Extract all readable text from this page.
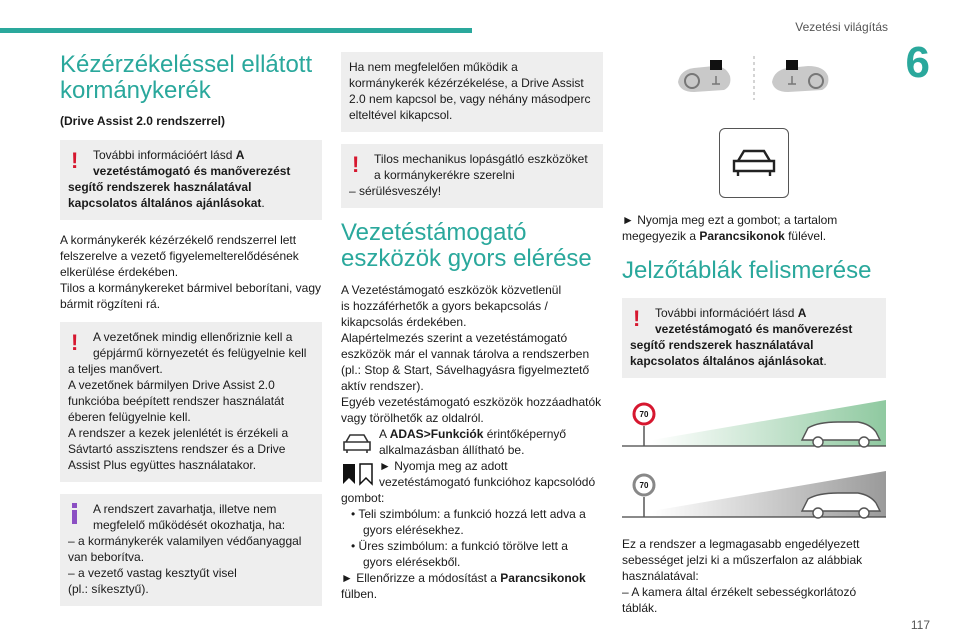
Vezetési világítás
6
117
Kézérzékeléssel ellátott kormánykerék
(Drive Assist 2.0 rendszerrel)
!	További információért lásd A
vezetéstámogató és manőverezést
segítő rendszerek használatával
kapcsolatos általános ajánlásokat.
A kormánykerék kézérzékelő rendszerrel lett
felszerelve a vezető figyelemelterelődésének
elkerülése érdekében.
Tilos a kormánykereket bármivel beborítani, vagy
bármit rögzíteni rá.
!	A vezetőnek mindig ellenőriznie kell a
gépjármű környezetét és felügyelnie kell
a teljes manővert.
A vezetőnek bármilyen Drive Assist 2.0
funkcióba beépített rendszer használatát
éberen felügyelnie kell.
A rendszer a kezek jelenlétét is érzékeli a
Sávtartó asszisztens rendszer és a Drive
Assist Plus együttes használatakor.
A rendszert zavarhatja, illetve nem
megfelelő működését okozhatja, ha:
– a kormánykerék valamilyen védőanyaggal
van beborítva.
– a vezető vastag kesztyűt visel
(pl.: síkesztyű).
Ha nem megfelelően működik a
kormánykerék kézérzékelése, a Drive Assist
2.0 nem kapcsol be, vagy néhány másodperc
elteltével kikapcsol.
!	Tilos mechanikus lopásgátló eszközöket
a kormánykerékre szerelni
– sérülésveszély!
Vezetéstámogató eszközök gyors elérése
A Vezetéstámogató eszközök közvetlenül
is hozzáférhetők a gyors bekapcsolás /
kikapcsolás érdekében.
Alapértelmezés szerint a vezetéstámogató
eszközök már el vannak tárolva a rendszerben
(pl.: Stop & Start, Sávelhagyásra figyelmeztető
aktív rendszer).
Egyéb vezetéstámogató eszközök hozzáadhatók
vagy törölhetők az oldalról.
A ADAS>Funkciók érintőképernyő
alkalmazásban állítható be.
► Nyomja meg az adott
vezetéstámogató funkcióhoz kapcsolódó
gombot:
• Teli szimbólum: a funkció hozzá lett adva a
gyors elérésekhez.
• Üres szimbólum: a funkció törölve lett a
gyors elérésekből.
► Ellenőrizze a módosítást a Parancsikonok
fülben.
► Nyomja meg ezt a gombot; a tartalom
megegyezik a Parancsikonok fülével.
Jelzőtáblák felismerése
!	További információért lásd A
vezetéstámogató és manőverezést
segítő rendszerek használatával
kapcsolatos általános ajánlásokat.
70

70
Ez a rendszer a legmagasabb engedélyezett
sebességet jelzi ki a műszerfalon az alábbiak
használatával:
– A kamera által érzékelt sebességkorlátozó
táblák.
